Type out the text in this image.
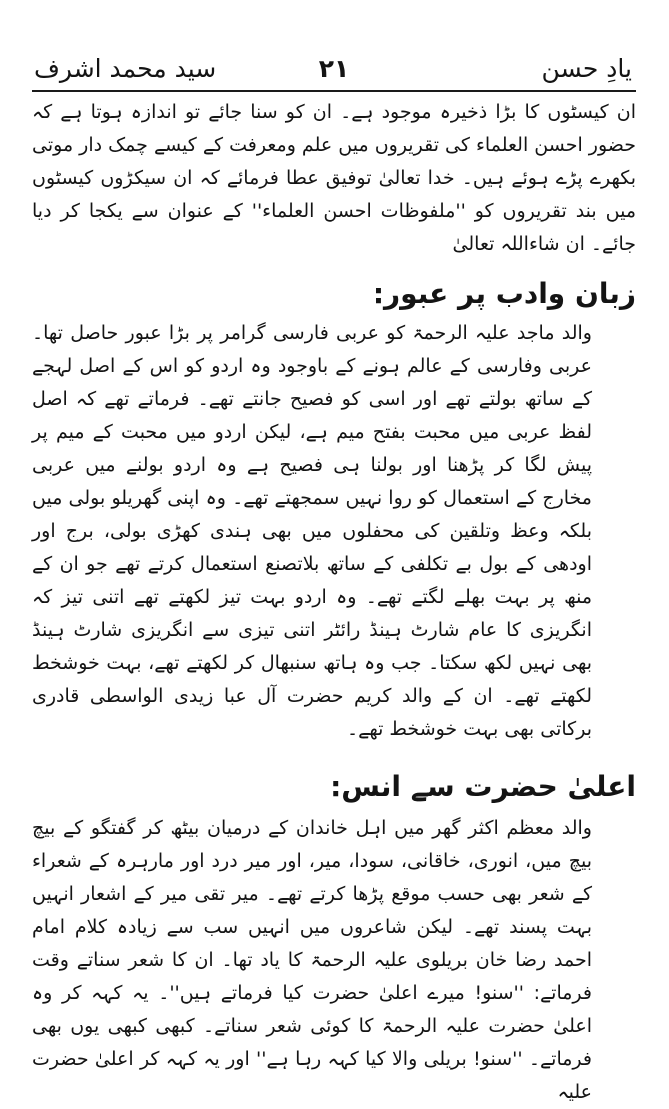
یادِ حسن
۲۱
سید محمد اشرف

ان کیسٹوں کا بڑا ذخیرہ موجود ہے۔ ان کو سنا جائے تو اندازہ ہوتا ہے کہ حضور احسن العلماء کی تقریروں میں علم ومعرفت کے کیسے چمک دار موتی بکھرے پڑے ہوئے ہیں۔ خدا تعالیٰ توفیق عطا فرمائے کہ ان سیکڑوں کیسٹوں میں بند تقریروں کو ''ملفوظات احسن العلماء'' کے عنوان سے یکجا کر دیا جائے۔ ان شاءاللہ تعالیٰ

زبان وادب پر عبور:

والد ماجد علیہ الرحمۃ کو عربی فارسی گرامر پر بڑا عبور حاصل تھا۔ عربی وفارسی کے عالم ہونے کے باوجود وہ اردو کو اس کے اصل لہجے کے ساتھ بولتے تھے اور اسی کو فصیح جانتے تھے۔ فرماتے تھے کہ اصل لفظ عربی میں محبت بفتح میم ہے، لیکن اردو میں محبت کے میم پر پیش لگا کر پڑھنا اور بولنا ہی فصیح ہے وہ اردو بولنے میں عربی مخارج کے استعمال کو روا نہیں سمجھتے تھے۔ وہ اپنی گھریلو بولی میں بلکہ وعظ وتلقین کی محفلوں میں بھی ہندی کھڑی بولی، برج اور اودھی کے بول بے تکلفی کے ساتھ بلاتصنع استعمال کرتے تھے جو ان کے منھ پر بہت بھلے لگتے تھے۔ وہ اردو بہت تیز لکھتے تھے اتنی تیز کہ انگریزی کا عام شارٹ ہینڈ رائٹر اتنی تیزی سے انگریزی شارٹ ہینڈ بھی نہیں لکھ سکتا۔ جب وہ ہاتھ سنبھال کر لکھتے تھے، بہت خوشخط لکھتے تھے۔ ان کے والد کریم حضرت آل عبا زیدی الواسطی قادری برکاتی بھی بہت خوشخط تھے۔

اعلیٰ حضرت سے انس:

والد معظم اکثر گھر میں اہل خاندان کے درمیان بیٹھ کر گفتگو کے بیچ بیچ میں، انوری، خاقانی، سودا، میر، اور میر درد اور مارہرہ کے شعراء کے شعر بھی حسب موقع پڑھا کرتے تھے۔ میر تقی میر کے اشعار انہیں بہت پسند تھے۔ لیکن شاعروں میں انہیں سب سے زیادہ کلام امام احمد رضا خان بریلوی علیہ الرحمۃ کا یاد تھا۔ ان کا شعر سناتے وقت فرماتے: ''سنو! میرے اعلیٰ حضرت کیا فرماتے ہیں''۔ یہ کہہ کر وہ اعلیٰ حضرت علیہ الرحمۃ کا کوئی شعر سناتے۔ کبھی کبھی یوں بھی فرماتے۔ ''سنو! بریلی والا کیا کہہ رہا ہے'' اور یہ کہہ کر اعلیٰ حضرت علیہ
